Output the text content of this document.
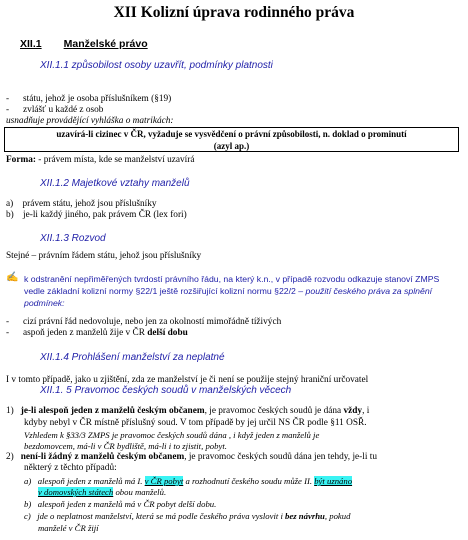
XII Kolizní úprava rodinného práva
XII.1 Manželské právo
XII.1.1 způsobilost osoby uzavřít, podmínky platnosti
-      státu, jehož je osoba příslušníkem (§19)
-      zvlášť u každé z osob
usnadňuje provádějící vyhláška o matrikách:
uzavírá-li cizinec v ČR, vyžaduje se vysvědčení o právní způsobilosti, n. doklad o prominutí
(azyl ap.)
Forma: - právem místa, kde se manželství uzavírá
XII.1.2 Majetkové vztahy manželů
a) právem státu, jehož jsou příslušníky
b) je-li každý jiného, pak právem ČR (lex fori)
XII.1.3 Rozvod
Stejné – právním řádem státu, jehož jsou příslušníky
✍ k odstranění nepřiměřených tvrdostí právního řádu, na který k.n., v případě rozvodu odkazuje stanoví ZMPS
vedle základní kolizní normy §22/1 ještě rozšiřující kolizní normu §22/2 – použití českého práva za splnění
podmínek:
-      cizí právní řád nedovoluje, nebo jen za okolností mimořádně tíživých
-      aspoň jeden z manželů žije v ČR delší dobu
XII.1.4 Prohlášení manželství za neplatné
I v tomto případě, jako u zjištění, zda ze manželství je či není se použije stejný hraniční určovatel
XII.1. 5 Pravomoc českých soudů v manželských věcech
1) je-li alespoň jeden z manželů českým občanem, je pravomoc českých soudů je dána vždy, i
kdyby nebyl v ČR místně příslušný soud. V tom případě by jej určil NS ČR podle §11 OSŘ.
Vzhledem k §33/3 ZMPS je pravomoc českých soudů dána , i když jeden z manželů je
bezdomovcem, má-li v ČR bydliště, má-li i to zjistit, pobyt.
2) není-li žádný z manželů českým občanem, je pravomoc českých soudů dána jen tehdy, je-li tu
některý z těchto případů:
a) alespoň jeden z manželů má I. v ČR pobyt a rozhodnutí českého soudu může II. být uznáno
v domovských státech obou manželů.
b) alespoň jeden z manželů má v ČR pobyt delší dobu.
c) jde o neplatnost manželství, která se má podle českého práva vyslovit i bez návrhu, pokud
manželé v ČR žijí
